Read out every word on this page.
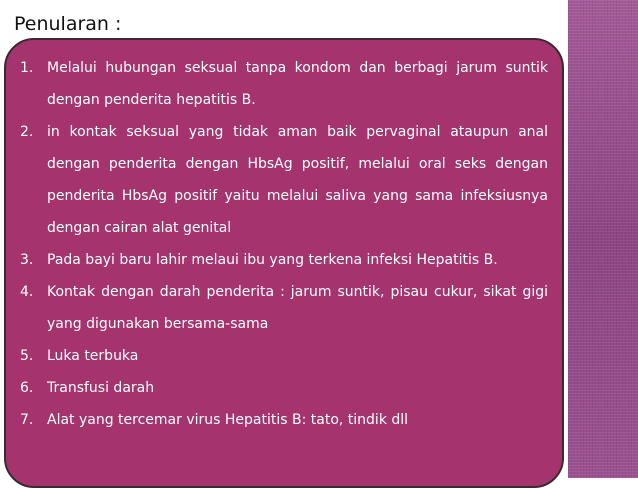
Penularan :
1. Melalui hubungan seksual tanpa kondom dan berbagi jarum suntik dengan penderita hepatitis B.
2. in kontak seksual yang tidak aman baik pervaginal ataupun anal dengan penderita dengan HbsAg positif, melalui oral seks dengan penderita HbsAg positif yaitu melalui saliva yang sama infeksiusnya dengan cairan alat genital
3. Pada bayi baru lahir melaui ibu yang terkena infeksi Hepatitis B.
4. Kontak dengan darah penderita : jarum suntik, pisau cukur, sikat gigi yang digunakan bersama-sama
5. Luka terbuka
6. Transfusi darah
7. Alat yang tercemar virus Hepatitis B: tato, tindik dll
